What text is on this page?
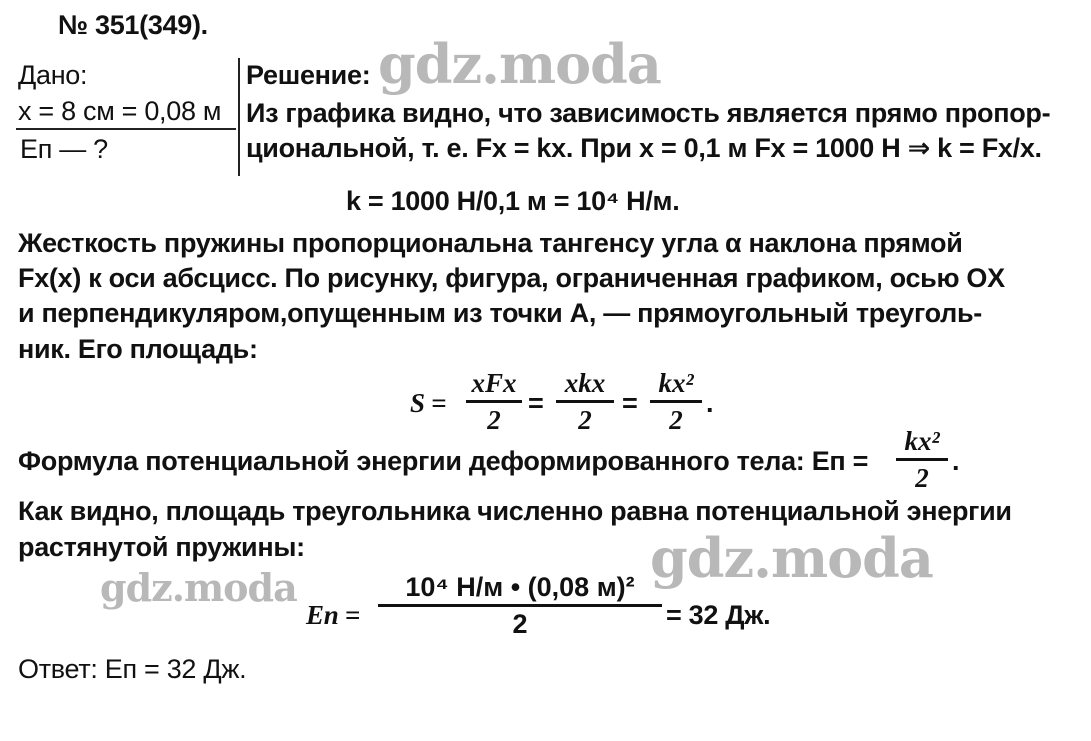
№ 351(349).
Дано:
x = 8 см = 0,08 м
Eп — ?
Решение:
Из графика видно, что зависимость является прямо пропор-
циональной, т. е. Fx = kx. При x = 0,1 м Fx = 1000 Н ⇒ k = Fx/x.
k = 1000 Н/0,1 м = 10⁴ Н/м.
Жесткость пружины пропорциональна тангенсу угла α наклона прямой
Fx(x) к оси абсцисс. По рисунку, фигура, ограниченная графиком, осью OX
и перпендикуляром,опущенным из точки A, — прямоугольный треуголь-
ник. Его площадь:
S =
xFx
2
=
xkx
2
=
kx²
2
.
Формула потенциальной энергии деформированного тела: Eп =
kx²
2
.
Как видно, площадь треугольника численно равна потенциальной энергии
растянутой пружины:
Eп =
10⁴ Н/м • (0,08 м)²
2	= 32 Дж.
Ответ: Eп = 32 Дж.
gdz.moda
gdz.moda
gdz.moda
